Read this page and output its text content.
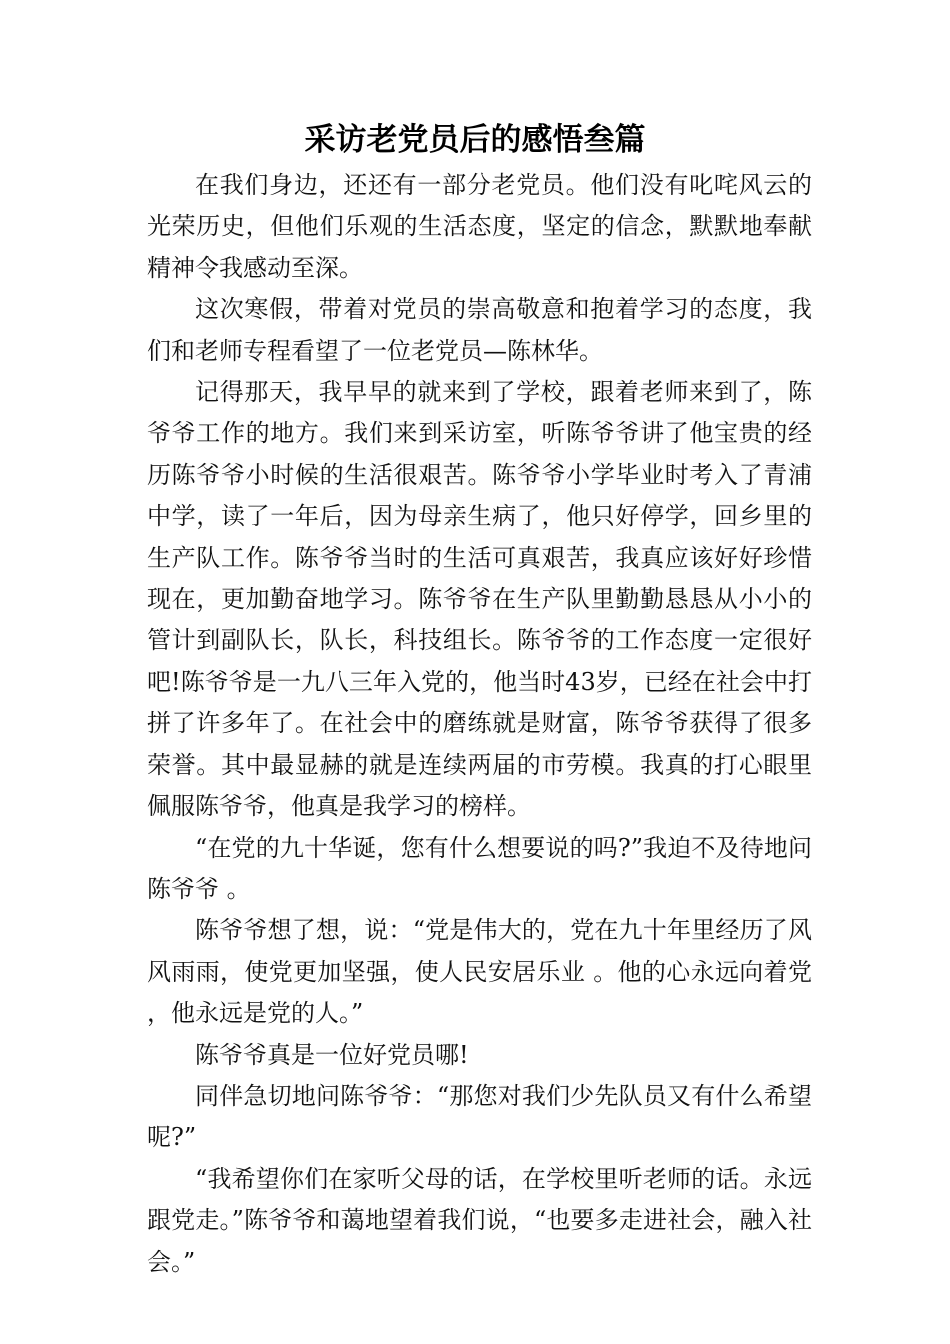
采访老党员后的感悟叁篇

在我们身边，还还有一部分老党员。他们没有叱咤风云的光荣历史，但他们乐观的生活态度，坚定的信念，默默地奉献精神令我感动至深。

这次寒假，带着对党员的崇高敬意和抱着学习的态度，我们和老师专程看望了一位老党员—陈林华。

记得那天，我早早的就来到了学校，跟着老师来到了，陈爷爷工作的地方。我们来到采访室，听陈爷爷讲了他宝贵的经历陈爷爷小时候的生活很艰苦。陈爷爷小学毕业时考入了青浦中学，读了一年后，因为母亲生病了，他只好停学，回乡里的生产队工作。陈爷爷当时的生活可真艰苦，我真应该好好珍惜现在，更加勤奋地学习。陈爷爷在生产队里勤勤恳恳从小小的管计到副队长，队长，科技组长。陈爷爷的工作态度一定很好吧!陈爷爷是一九八三年入党的，他当时43岁，已经在社会中打拼了许多年了。在社会中的磨练就是财富，陈爷爷获得了很多荣誉。其中最显赫的就是连续两届的市劳模。我真的打心眼里佩服陈爷爷，他真是我学习的榜样。

“在党的九十华诞，您有什么想要说的吗?”我迫不及待地问陈爷爷 。

陈爷爷想了想，说：“党是伟大的，党在九十年里经历了风风雨雨，使党更加坚强，使人民安居乐业 。他的心永远向着党 ，他永远是党的人。”

陈爷爷真是一位好党员哪!

同伴急切地问陈爷爷：“那您对我们少先队员又有什么希望呢?”

“我希望你们在家听父母的话，在学校里听老师的话。永远跟党走。”陈爷爷和蔼地望着我们说，“也要多走进社会，融入社会。”
